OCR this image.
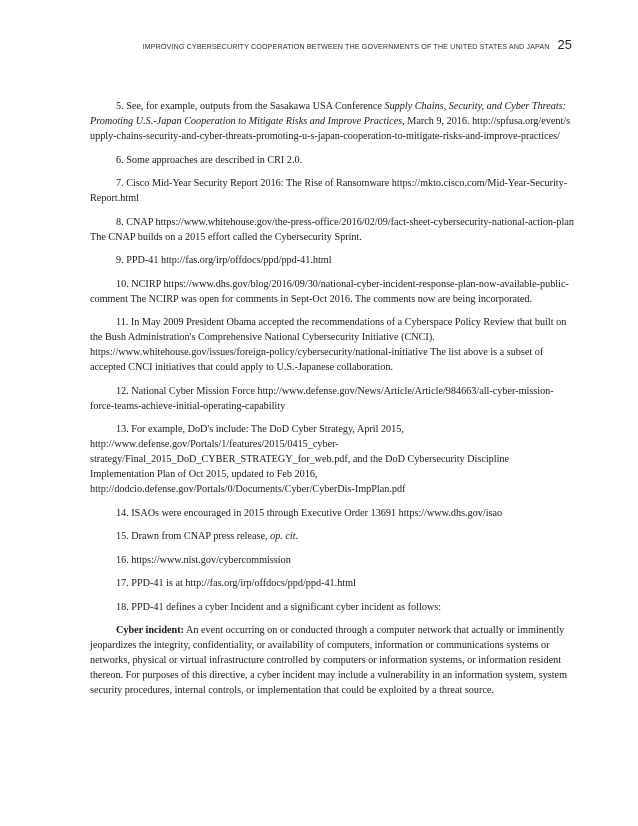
IMPROVING CYBERSECURITY COOPERATION BETWEEN THE GOVERNMENTS OF THE UNITED STATES AND JAPAN 25

5. See, for example, outputs from the Sasakawa USA Conference Supply Chains, Security, and Cyber Threats: Promoting U.S.-Japan Cooperation to Mitigate Risks and Improve Practices, March 9, 2016. http://spfusa.org/event/supply-chains-security-and-cyber-threats-promoting-u-s-japan-cooperation-to-mitigate-risks-and-improve-practices/

6. Some approaches are described in CRI 2.0.

7. Cisco Mid-Year Security Report 2016: The Rise of Ransomware https://mkto.cisco.com/Mid-Year-Security-Report.html

8. CNAP https://www.whitehouse.gov/the-press-office/2016/02/09/fact-sheet-cybersecurity-national-action-plan The CNAP builds on a 2015 effort called the Cybersecurity Sprint.

9. PPD-41 http://fas.org/irp/offdocs/ppd/ppd-41.html

10. NCIRP https://www.dhs.gov/blog/2016/09/30/national-cyber-incident-response-plan-now-available-public-comment The NCIRP was open for comments in Sept-Oct 2016. The comments now are being incorporated.

11. In May 2009 President Obama accepted the recommendations of a Cyberspace Policy Review that built on the Bush Administration's Comprehensive National Cybersecurity Initiative (CNCI). https://www.whitehouse.gov/issues/foreign-policy/cybersecurity/national-initiative The list above is a subset of accepted CNCI initiatives that could apply to U.S.-Japanese collaboration.

12. National Cyber Mission Force http://www.defense.gov/News/Article/Article/984663/all-cyber-mission-force-teams-achieve-initial-operating-capability

13. For example, DoD's include: The DoD Cyber Strategy, April 2015, http://www.defense.gov/Portals/1/features/2015/0415_cyber-strategy/Final_2015_DoD_CYBER_STRATEGY_for_web.pdf, and the DoD Cybersecurity Discipline Implementation Plan of Oct 2015, updated to Feb 2016, http://dodcio.defense.gov/Portals/0/Documents/Cyber/CyberDis-ImpPlan.pdf

14. ISAOs were encouraged in 2015 through Executive Order 13691 https://www.dhs.gov/isao

15. Drawn from CNAP press release, op. cit.

16. https://www.nist.gov/cybercommission

17. PPD-41 is at http://fas.org/irp/offdocs/ppd/ppd-41.html

18. PPD-41 defines a cyber Incident and a significant cyber incident as follows:

Cyber incident: An event occurring on or conducted through a computer network that actually or imminently jeopardizes the integrity, confidentiality, or availability of computers, information or communications systems or networks, physical or virtual infrastructure controlled by computers or information systems, or information resident thereon. For purposes of this directive, a cyber incident may include a vulnerability in an information system, system security procedures, internal controls, or implementation that could be exploited by a threat source.
